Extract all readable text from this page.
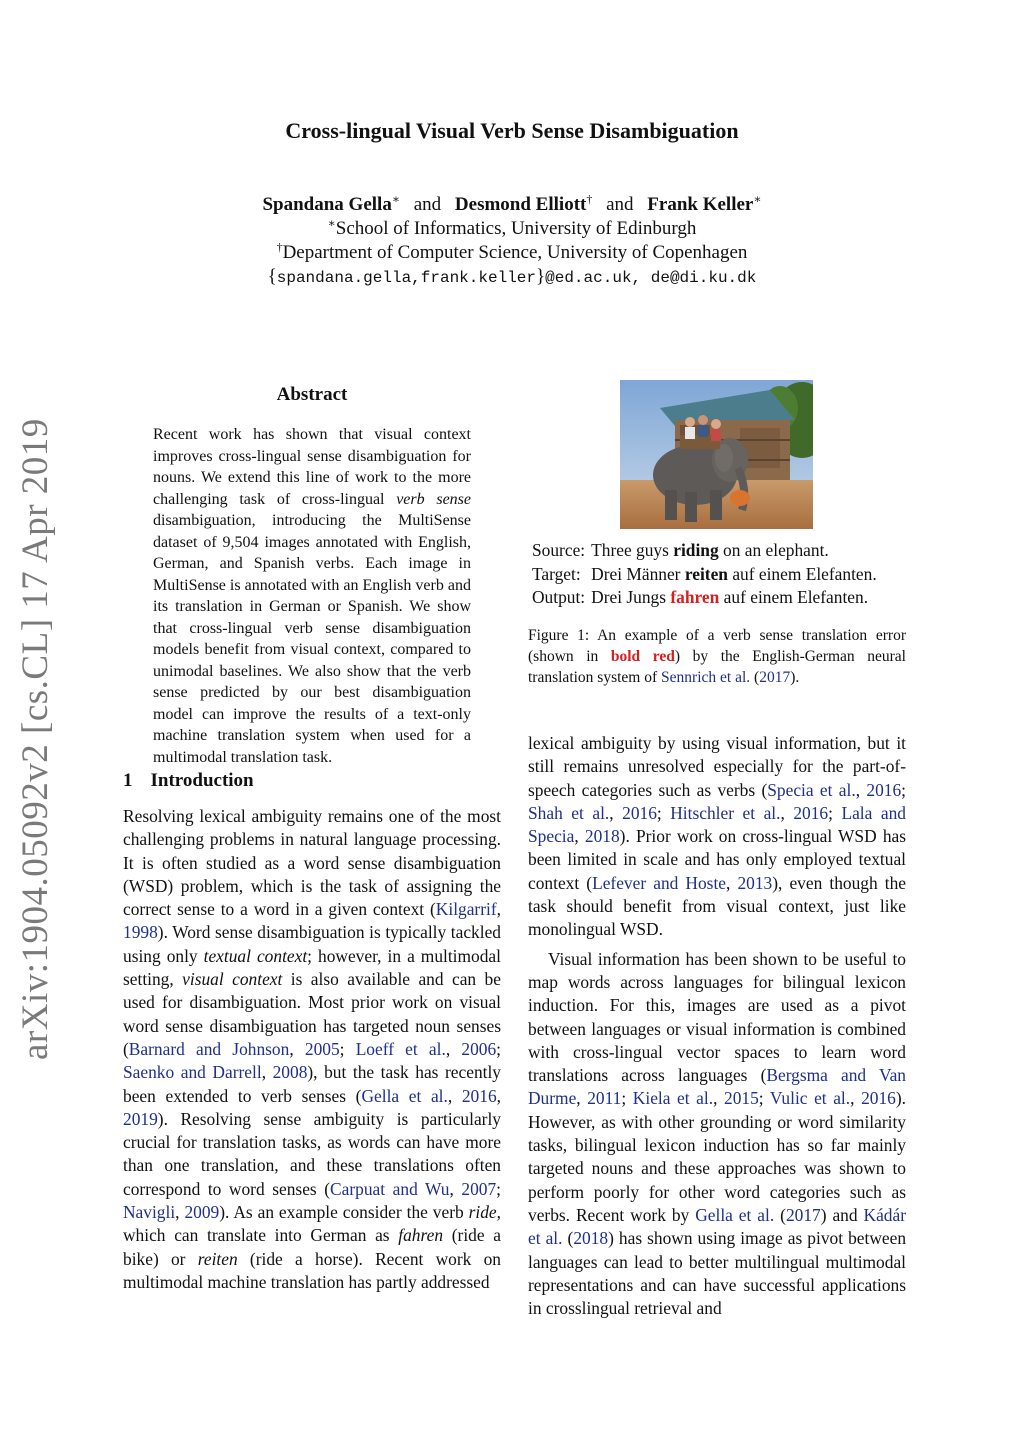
arXiv:1904.05092v2 [cs.CL] 17 Apr 2019
Cross-lingual Visual Verb Sense Disambiguation
Spandana Gella∗ and Desmond Elliott† and Frank Keller∗
∗School of Informatics, University of Edinburgh
†Department of Computer Science, University of Copenhagen
{spandana.gella,frank.keller}@ed.ac.uk, de@di.ku.dk
Abstract
Recent work has shown that visual context improves cross-lingual sense disambiguation for nouns. We extend this line of work to the more challenging task of cross-lingual verb sense disambiguation, introducing the MultiSense dataset of 9,504 images annotated with English, German, and Spanish verbs. Each image in MultiSense is annotated with an English verb and its translation in German or Spanish. We show that cross-lingual verb sense disambiguation models benefit from visual context, compared to unimodal baselines. We also show that the verb sense predicted by our best disambiguation model can improve the results of a text-only machine translation system when used for a multimodal translation task.
Source:	Three guys riding on an elephant.
Target:	Drei Männer reiten auf einem Elefanten.
Output:	Drei Jungs fahren auf einem Elefanten.
Figure 1: An example of a verb sense translation error (shown in bold red) by the English-German neural translation system of Sennrich et al. (2017).
1 Introduction

Resolving lexical ambiguity remains one of the most challenging problems in natural language processing. It is often studied as a word sense disambiguation (WSD) problem, which is the task of assigning the correct sense to a word in a given context (Kilgarrif, 1998). Word sense disambiguation is typically tackled using only textual context; however, in a multimodal setting, visual context is also available and can be used for disambiguation. Most prior work on visual word sense disambiguation has targeted noun senses (Barnard and Johnson, 2005; Loeff et al., 2006; Saenko and Darrell, 2008), but the task has recently been extended to verb senses (Gella et al., 2016, 2019). Resolving sense ambiguity is particularly crucial for translation tasks, as words can have more than one translation, and these translations often correspond to word senses (Carpuat and Wu, 2007; Navigli, 2009). As an example consider the verb ride, which can translate into German as fahren (ride a bike) or reiten (ride a horse). Recent work on multimodal machine translation has partly addressed

lexical ambiguity by using visual information, but it still remains unresolved especially for the part-of-speech categories such as verbs (Specia et al., 2016; Shah et al., 2016; Hitschler et al., 2016; Lala and Specia, 2018). Prior work on cross-lingual WSD has been limited in scale and has only employed textual context (Lefever and Hoste, 2013), even though the task should benefit from visual context, just like monolingual WSD.

Visual information has been shown to be useful to map words across languages for bilingual lexicon induction. For this, images are used as a pivot between languages or visual information is combined with cross-lingual vector spaces to learn word translations across languages (Bergsma and Van Durme, 2011; Kiela et al., 2015; Vulic et al., 2016). However, as with other grounding or word similarity tasks, bilingual lexicon induction has so far mainly targeted nouns and these approaches was shown to perform poorly for other word categories such as verbs. Recent work by Gella et al. (2017) and Kádár et al. (2018) has shown using image as pivot between languages can lead to better multilingual multimodal representations and can have successful applications in crosslingual retrieval and
